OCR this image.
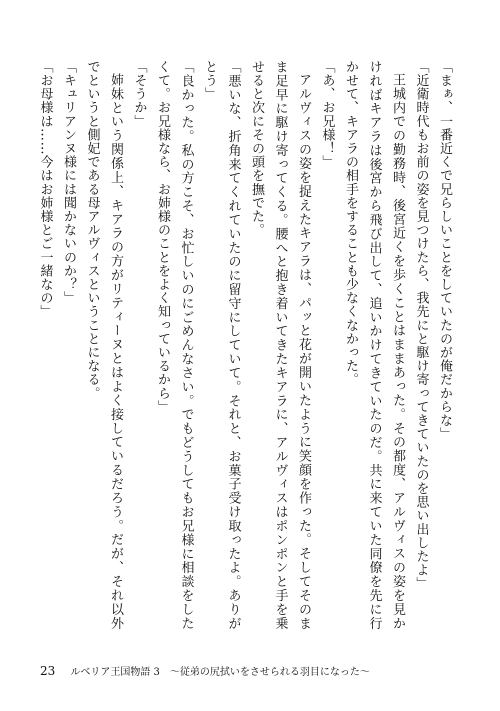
「まぁ、一番近くで兄らしいことをしていたのが俺だからな」

「近衛時代もお前の姿を見つけたら、我先にと駆け寄ってきていたのを思い出したよ」

王城内での勤務時、後宮近くを歩くことはままあった。その都度、アルヴィスの姿を見かければキアラは後宮から飛び出して、追いかけてきていたのだ。共に来ていた同僚を先に行かせて、キアラの相手をすることも少なくなかった。

「あ、お兄様！」

アルヴィスの姿を捉えたキアラは、パッと花が開いたように笑顔を作った。そしてそのまま足早に駆け寄ってくる。腰へと抱き着いてきたキアラに、アルヴィスはポンポンと手を乗せると次にその頭を撫でた。

「悪いな、折角来てくれていたのに留守にしていて。それと、お菓子受け取ったよ。ありがとう」

「良かった。私の方こそ、お忙しいのにごめんなさい。でもどうしてもお兄様に相談をしたくて。お兄様なら、お姉様のことをよく知っているから」

「そうか」

姉妹という関係上、キアラの方がリティーヌとはよく接しているだろう。だが、それ以外でというと側妃である母アルヴィスということになる。

「キュリアンヌ様には聞かないのか？」

「お母様は……今はお姉様とご一緒なの」

23 ルベリア王国物語 3　～従弟の尻拭いをさせられる羽目になった～
